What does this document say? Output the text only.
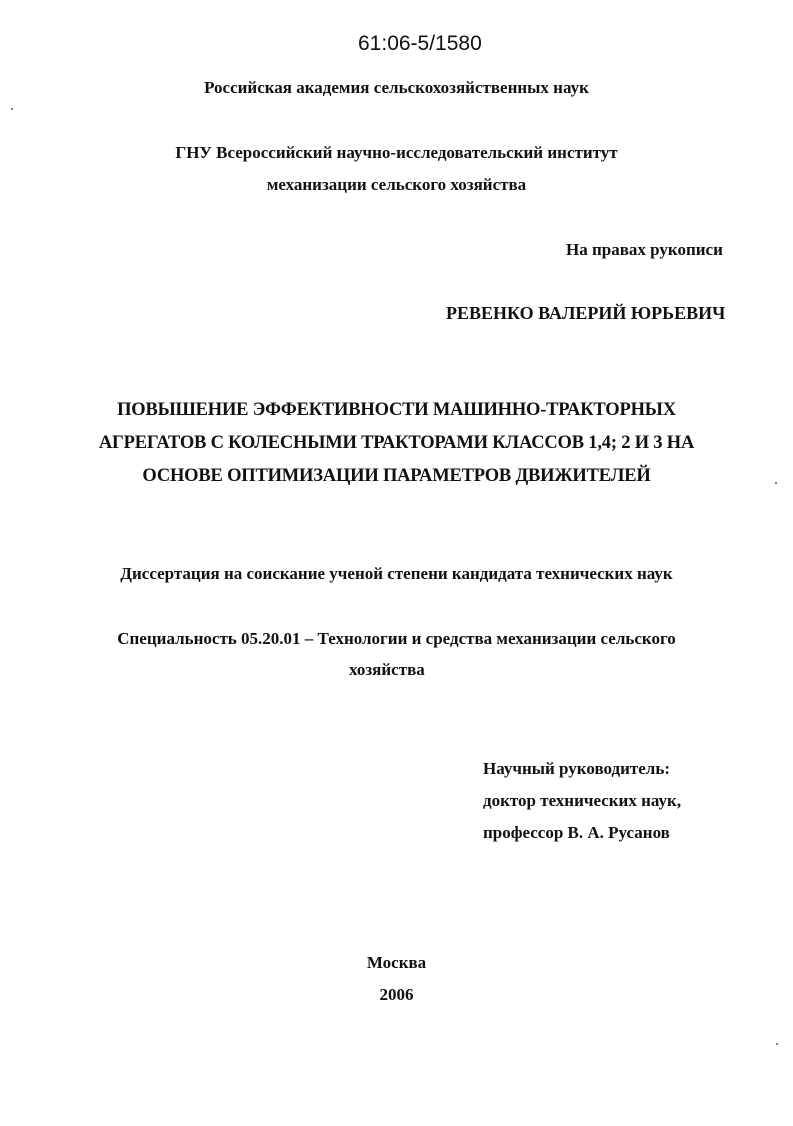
61:06-5/1580
Российская академия сельскохозяйственных наук
ГНУ Всероссийский научно-исследовательский институт
механизации сельского хозяйства
На правах рукописи
РЕВЕНКО ВАЛЕРИЙ ЮРЬЕВИЧ
ПОВЫШЕНИЕ ЭФФЕКТИВНОСТИ МАШИННО-ТРАКТОРНЫХ
АГРЕГАТОВ С КОЛЕСНЫМИ ТРАКТОРАМИ КЛАССОВ 1,4; 2 И 3 НА
ОСНОВЕ ОПТИМИЗАЦИИ ПАРАМЕТРОВ ДВИЖИТЕЛЕЙ
Диссертация на соискание ученой степени кандидата технических наук
Специальность 05.20.01 – Технологии и средства механизации сельского
хозяйства
Научный руководитель:
доктор технических наук,
профессор В. А. Русанов
Москва
2006
